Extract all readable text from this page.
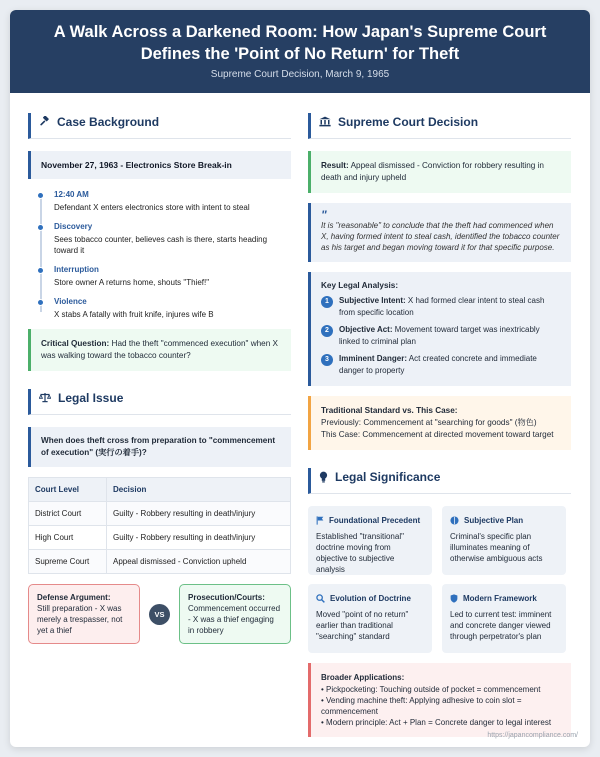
A Walk Across a Darkened Room: How Japan's Supreme Court Defines the 'Point of No Return' for Theft
Supreme Court Decision, March 9, 1965
Case Background
November 27, 1963 - Electronics Store Break-in
12:40 AM
Defendant X enters electronics store with intent to steal
Discovery
Sees tobacco counter, believes cash is there, starts heading toward it
Interruption
Store owner A returns home, shouts "Thief!"
Violence
X stabs A fatally with fruit knife, injures wife B
Critical Question: Had the theft "commenced execution" when X was walking toward the tobacco counter?
Legal Issue
When does theft cross from preparation to "commencement of execution" (実行の着手)?
Court Level	Decision
District Court	Guilty - Robbery resulting in death/injury
High Court	Guilty - Robbery resulting in death/injury
Supreme Court	Appeal dismissed - Conviction upheld
Defense Argument:
Still preparation - X was merely a trespasser, not yet a thief
VS
Prosecution/Courts:
Commencement occurred - X was a thief engaging in robbery
Supreme Court Decision
Result: Appeal dismissed - Conviction for robbery resulting in death and injury upheld
"
It is "reasonable" to conclude that the theft had commenced when X, having formed intent to steal cash, identified the tobacco counter as his target and began moving toward it for that specific purpose.
Key Legal Analysis:
1	Subjective Intent: X had formed clear intent to steal cash from specific location
2	Objective Act: Movement toward target was inextricably linked to criminal plan
3	Imminent Danger: Act created concrete and immediate danger to property
Traditional Standard vs. This Case:
Previously: Commencement at "searching for goods" (物色)
This Case: Commencement at directed movement toward target
Legal Significance
Foundational Precedent
Established "transitional" doctrine moving from objective to subjective analysis
Subjective Plan
Criminal's specific plan illuminates meaning of otherwise ambiguous acts
Evolution of Doctrine
Moved "point of no return" earlier than traditional "searching" standard
Modern Framework
Led to current test: imminent and concrete danger viewed through perpetrator's plan
Broader Applications:
• Pickpocketing: Touching outside of pocket = commencement
• Vending machine theft: Applying adhesive to coin slot = commencement
• Modern principle: Act + Plan = Concrete danger to legal interest
https://japancompliance.com/
